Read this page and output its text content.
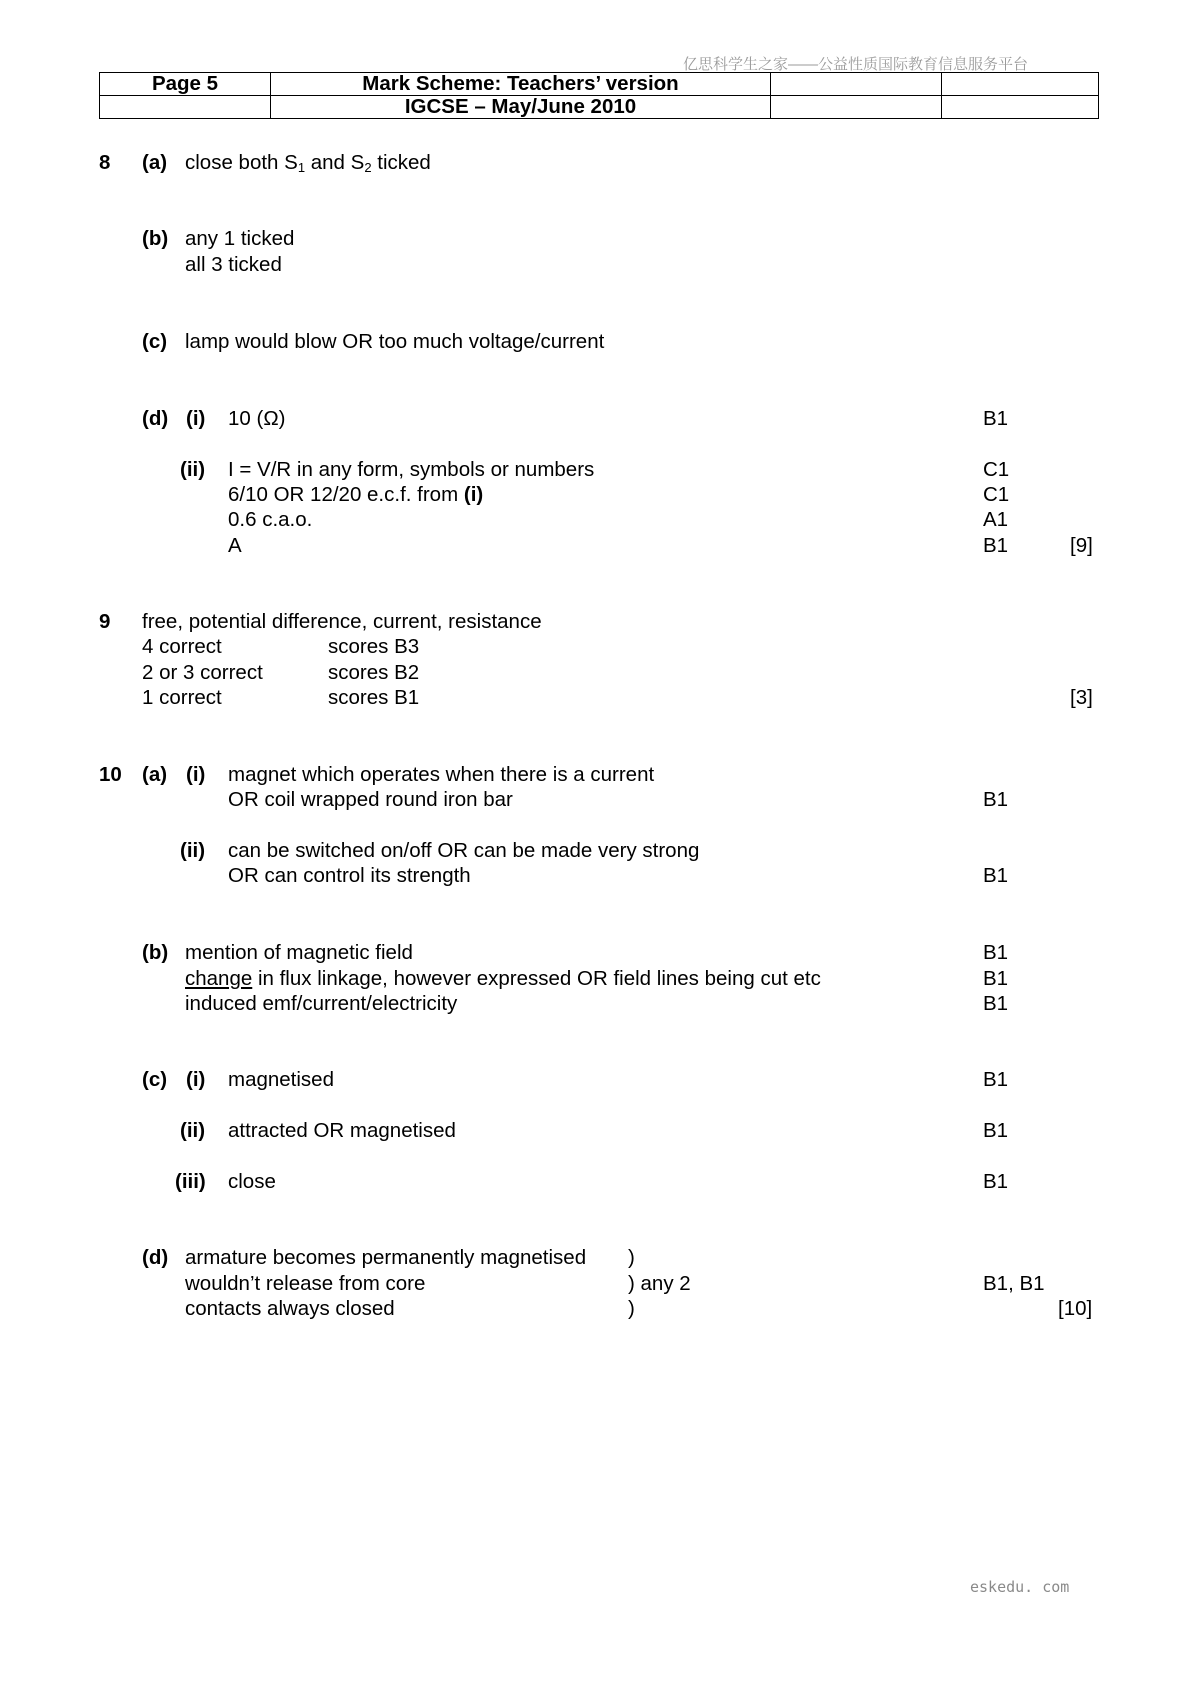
亿思科学生之家——公益性质国际教育信息服务平台
Page 5	Mark Scheme: Teachers’ version		
	IGCSE – May/June 2010		
8 (a) close both $S_1$ and $S_2$ ticked
(b) any 1 ticked
all 3 ticked
(c) lamp would blow OR too much voltage/current
(d) (i) 10 (Ω)	B1
(ii) I = V/R in any form, symbols or numbers	C1
6/10 OR 12/20 e.c.f. from (i)	C1
0.6 c.a.o.	A1
A	B1	[9]
9 free, potential difference, current, resistance
4 correct	scores B3
2 or 3 correct	scores B2
1 correct	scores B1	[3]
10 (a) (i) magnet which operates when there is a current
OR coil wrapped round iron bar	B1
(ii) can be switched on/off OR can be made very strong
OR can control its strength	B1
(b) mention of magnetic field	B1
change in flux linkage, however expressed OR field lines being cut etc	B1
induced emf/current/electricity	B1
(c) (i) magnetised	B1
(ii) attracted OR magnetised	B1
(iii) close	B1
(d) armature becomes permanently magnetised )
wouldn’t release from core	) any 2	B1, B1
contacts always closed	)	[10]
eskedu. com
